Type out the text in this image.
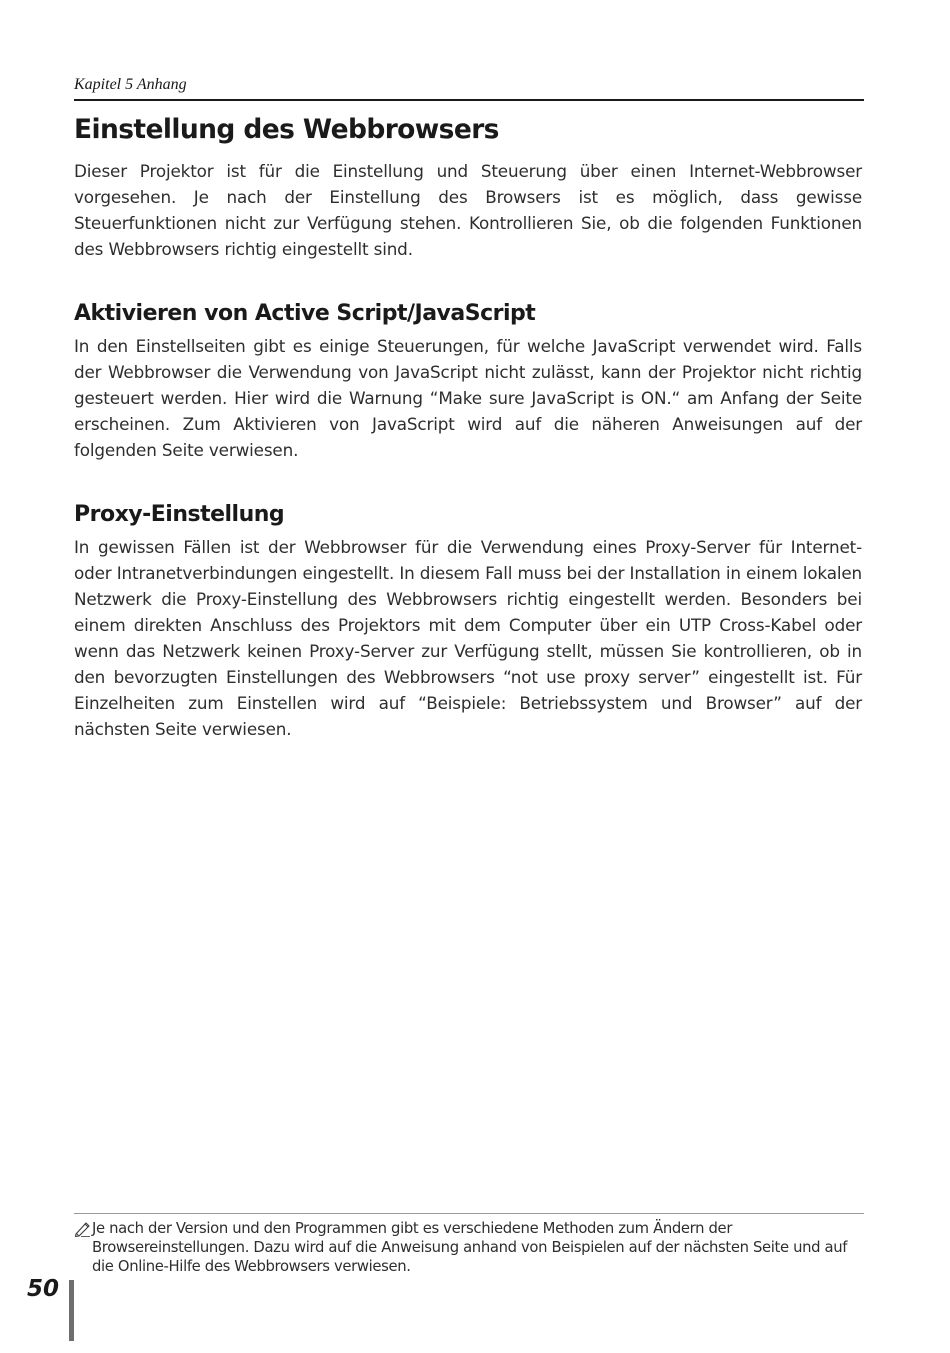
Kapitel 5 Anhang
Einstellung des Webbrowsers

Dieser Projektor ist für die Einstellung und Steuerung über einen Internet-Webbrowser vorgesehen. Je nach der Einstellung des Browsers ist es möglich, dass gewisse Steuerfunktionen nicht zur Verfügung stehen. Kontrollieren Sie, ob die folgenden Funktionen des Webbrowsers richtig eingestellt sind.

Aktivieren von Active Script/JavaScript

In den Einstellseiten gibt es einige Steuerungen, für welche JavaScript verwendet wird. Falls der Webbrowser die Verwendung von JavaScript nicht zulässt, kann der Projektor nicht richtig gesteuert werden. Hier wird die Warnung “Make sure JavaScript is ON.“ am Anfang der Seite erscheinen. Zum Aktivieren von JavaScript wird auf die näheren Anweisungen auf der folgenden Seite verwiesen.

Proxy-Einstellung

In gewissen Fällen ist der Webbrowser für die Verwendung eines Proxy-Server für Internet- oder Intranetverbindungen eingestellt. In diesem Fall muss bei der Installation in einem lokalen Netzwerk die Proxy-Einstellung des Webbrowsers richtig eingestellt werden. Besonders bei einem direkten Anschluss des Projektors mit dem Computer über ein UTP Cross-Kabel oder wenn das Netzwerk keinen Proxy-Server zur Verfügung stellt, müssen Sie kontrollieren, ob in den bevorzugten Einstellungen des Webbrowsers “not use proxy server” eingestellt ist. Für Einzelheiten zum Einstellen wird auf “Beispiele: Betriebssystem und Browser” auf der nächsten Seite verwiesen.

Je nach der Version und den Programmen gibt es verschiedene Methoden zum Ändern der Browsereinstellungen. Dazu wird auf die Anweisung anhand von Beispielen auf der nächsten Seite und auf die Online-Hilfe des Webbrowsers verwiesen.
50
